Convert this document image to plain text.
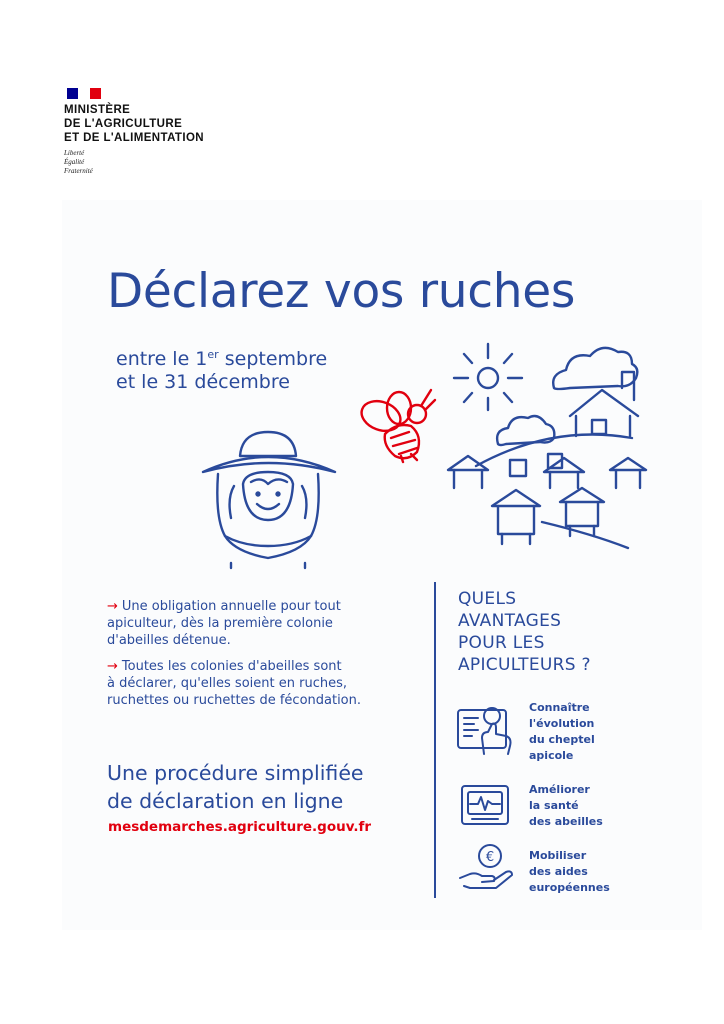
MINISTÈRE
DE L'AGRICULTURE
ET DE L'ALIMENTATION
Liberté
Égalité
Fraternité
Déclarez vos ruches
entre le 1er septembre
et le 31 décembre
→ Une obligation annuelle pour tout
apiculteur, dès la première colonie
d'abeilles détenue.
→ Toutes les colonies d'abeilles sont
à déclarer, qu'elles soient en ruches,
ruchettes ou ruchettes de fécondation.
Une procédure simplifiée
de déclaration en ligne
mesdemarches.agriculture.gouv.fr
QUELS
AVANTAGES
POUR LES
APICULTEURS ?
Connaître
l'évolution
du cheptel
apicole
Améliorer
la santé
des abeilles
€	Mobiliser
des aides
européennes
